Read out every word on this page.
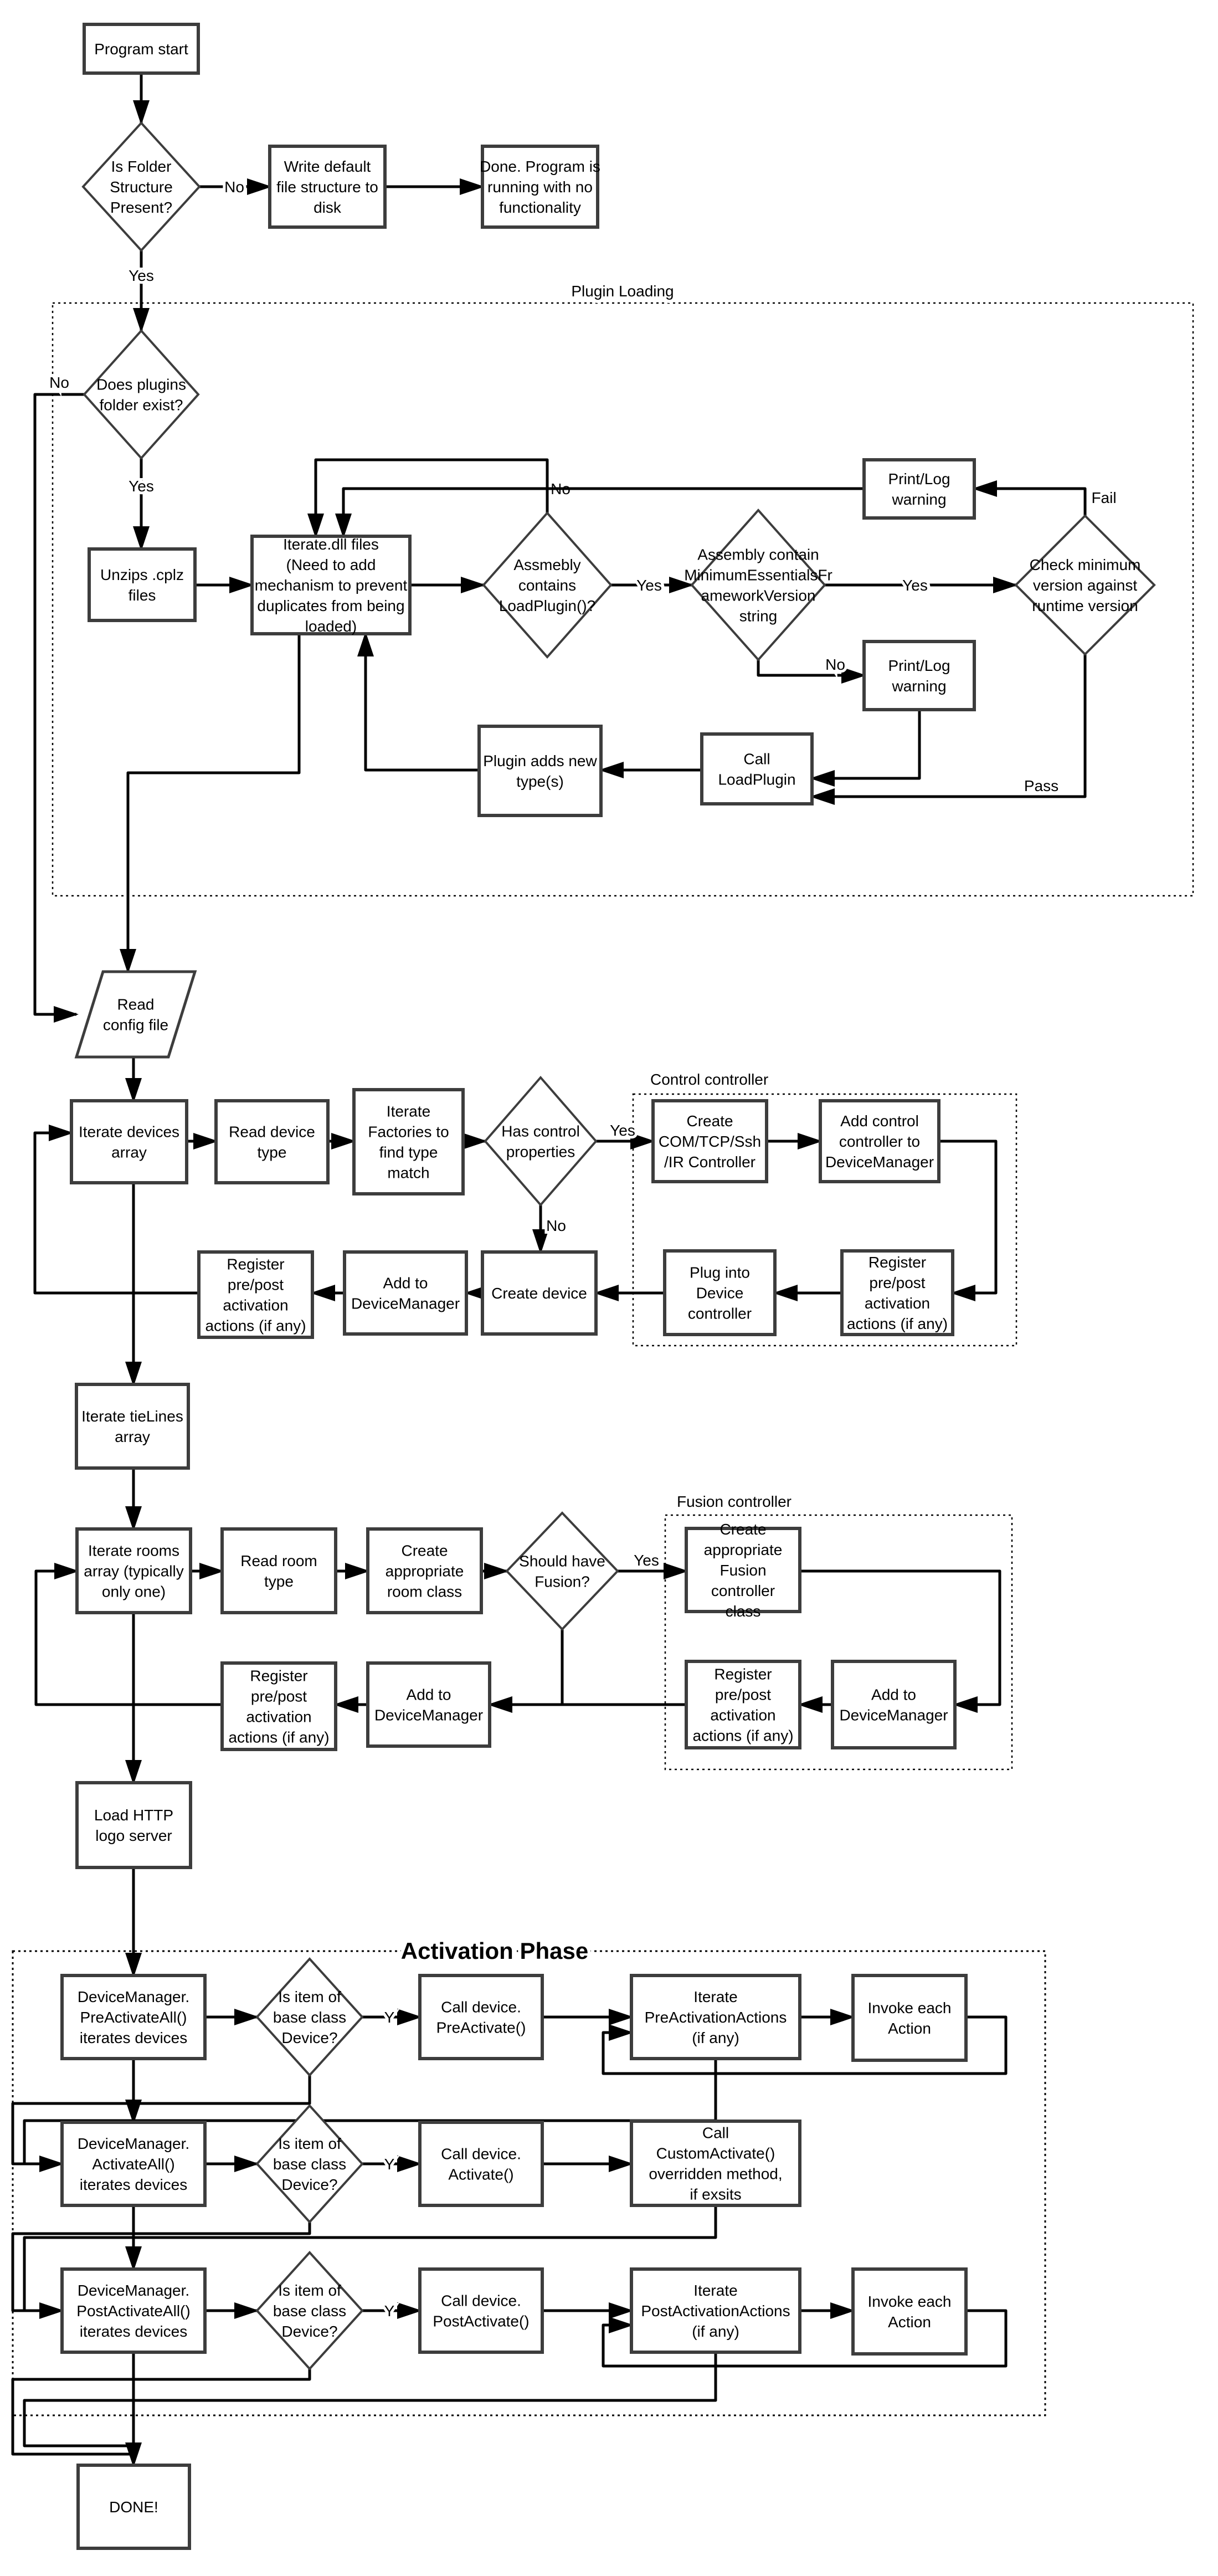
Plugin Loading
Control controller
Fusion controller
Activation Phase
No
Yes
Yes
No
Yes	Yes
No
Fail
No
Pass
Yes
No
Yes
Y
Y
Y
Program start
Is Folder Structure Present?
Write default file structure to disk
Done. Program is running with no functionality
Does plugins folder exist?
Unzips .cplz files
Iterate.dll files (Need to add mechanism to prevent duplicates from being loaded)
Assmebly contains LoadPlugin()?
Assembly contain MinimumEssentialsFr ameworkVersion string
Check minimum version against runtime version
Print/Log warning
Print/Log warning
Call LoadPlugin
Plugin adds new type(s)
Read config file
Iterate devices array
Read device type
Iterate Factories to find type match
Has control properties
Create COM/TCP/Ssh /IR Controller
Add control controller to DeviceManager
Register pre/post activation actions (if any)
Plug into Device controller
Create device
Add to DeviceManager
Register pre/post activation actions (if any)
Iterate tieLines array
Iterate rooms array (typically only one)
Read room type
Create appropriate room class
Should have Fusion?
Create appropriate Fusion controller class
Add to DeviceManager
Register pre/post activation actions (if any)
Add to DeviceManager
Register pre/post activation actions (if any)
Load HTTP logo server
DeviceManager. PreActivateAll() iterates devices
Is item of base class Device?
Call device. PreActivate()
Iterate PreActivationActions (if any)
Invoke each Action
DeviceManager. ActivateAll() iterates devices
Is item of base class Device?
Call device. Activate()
Call CustomActivate() overridden method, if exsits
DeviceManager. PostActivateAll() iterates devices
Is item of base class Device?
Call device. PostActivate()
Iterate PostActivationActions (if any)
Invoke each Action
DONE!
